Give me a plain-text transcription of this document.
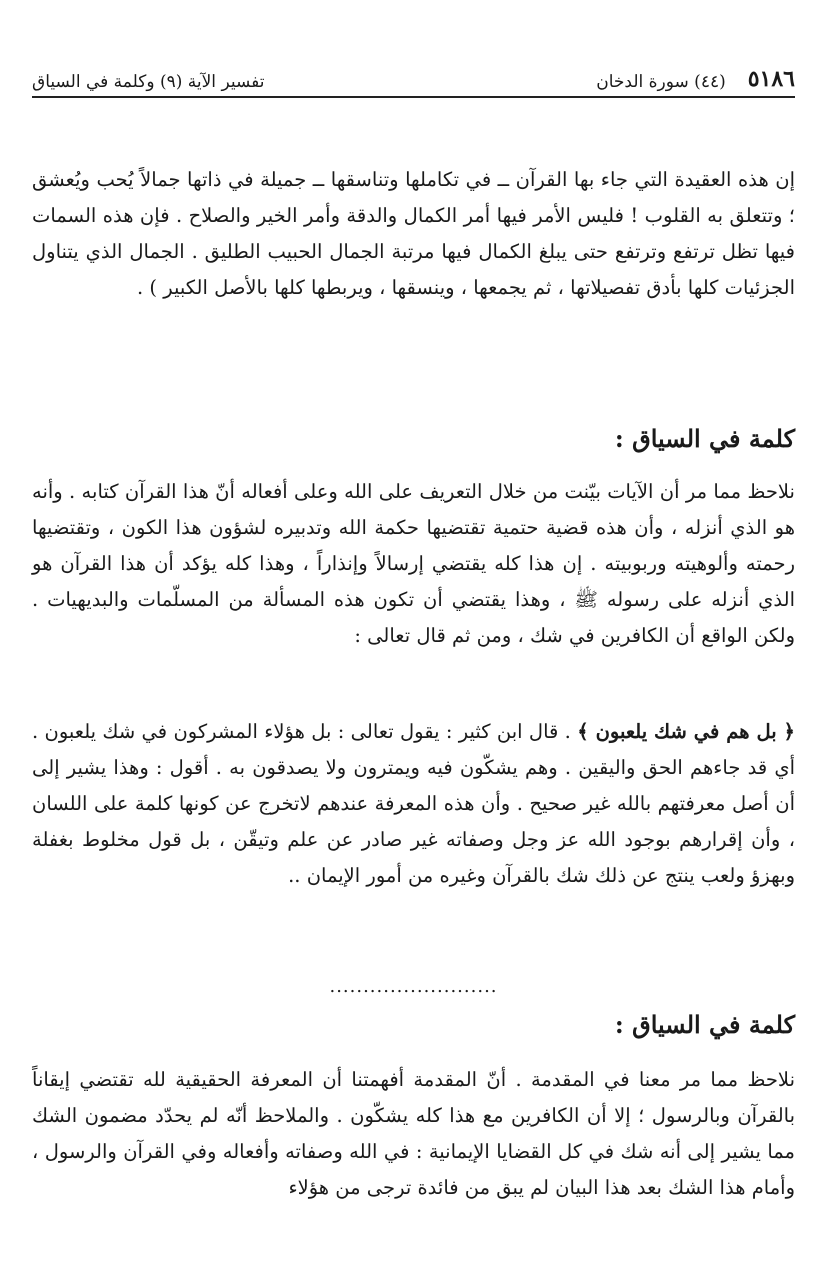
٥١٨٦
(٤٤) سورة الدخان
تفسير الآية (٩) وكلمة في السياق

إن هذه العقيدة التي جاء بها القرآن ــ في تكاملها وتناسقها ــ جميلة في ذاتها جمالاً يُحب ويُعشق ؛ وتتعلق به القلوب ! فليس الأمر فيها أمر الكمال والدقة وأمر الخير والصلاح . فإن هذه السمات فيها تظل ترتفع وترتفع حتى يبلغ الكمال فيها مرتبة الجمال الحبيب الطليق . الجمال الذي يتناول الجزئيات كلها بأدق تفصيلاتها ، ثم يجمعها ، وينسقها ، ويربطها كلها بالأصل الكبير ) .

كلمة في السياق :

نلاحظ مما مر أن الآيات بيّنت من خلال التعريف على الله وعلى أفعاله أنّ هذا القرآن كتابه . وأنه هو الذي أنزله ، وأن هذه قضية حتمية تقتضيها حكمة الله وتدبيره لشؤون هذا الكون ، وتقتضيها رحمته وألوهيته وربوبيته . إن هذا كله يقتضي إرسالاً وإنذاراً ، وهذا كله يؤكد أن هذا القرآن هو الذي أنزله على رسوله ﷺ ، وهذا يقتضي أن تكون هذه المسألة من المسلّمات والبديهيات . ولكن الواقع أن الكافرين في شك ، ومن ثم قال تعالى :

﴿ بل هم في شك يلعبون ﴾ . قال ابن كثير : يقول تعالى : بل هؤلاء المشركون في شك يلعبون . أي قد جاءهم الحق واليقين . وهم يشكّون فيه ويمترون ولا يصدقون به . أقول : وهذا يشير إلى أن أصل معرفتهم بالله غير صحيح . وأن هذه المعرفة عندهم لاتخرج عن كونها كلمة على اللسان ، وأن إقرارهم بوجود الله عز وجل وصفاته غير صادر عن علم وتيقّن ، بل قول مخلوط بغفلة وبهزؤ ولعب ينتج عن ذلك شك بالقرآن وغيره من أمور الإيمان ..

.........................
كلمة في السياق :

نلاحظ مما مر معنا في المقدمة . أنّ المقدمة أفهمتنا أن المعرفة الحقيقية لله تقتضي إيقاناً بالقرآن وبالرسول ؛ إلا أن الكافرين مع هذا كله يشكّون . والملاحظ أنّه لم يحدّد مضمون الشك مما يشير إلى أنه شك في كل القضايا الإيمانية : في الله وصفاته وأفعاله وفي القرآن والرسول ، وأمام هذا الشك بعد هذا البيان لم يبق من فائدة ترجى من هؤلاء
